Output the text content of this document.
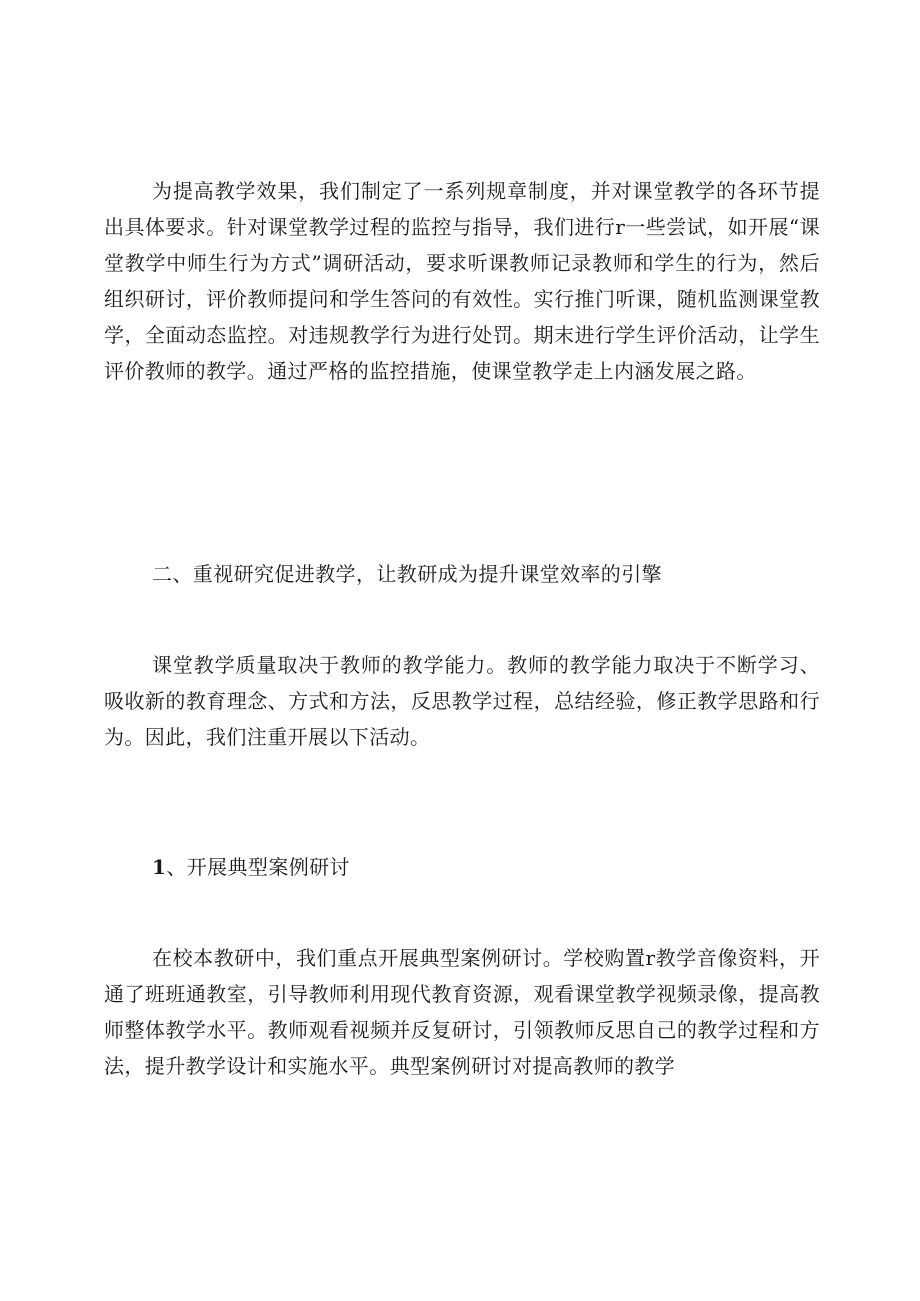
为提高教学效果，我们制定了一系列规章制度，并对课堂教学的各环节提出具体要求。针对课堂教学过程的监控与指导，我们进行r一些尝试，如开展“课堂教学中师生行为方式”调研活动，要求听课教师记录教师和学生的行为，然后组织研讨，评价教师提问和学生答问的有效性。实行推门听课，随机监测课堂教学，全面动态监控。对违规教学行为进行处罚。期末进行学生评价活动，让学生评价教师的教学。通过严格的监控措施，使课堂教学走上内涵发展之路。

二、重视研究促进教学，让教研成为提升课堂效率的引擎

课堂教学质量取决于教师的教学能力。教师的教学能力取决于不断学习、吸收新的教育理念、方式和方法，反思教学过程，总结经验，修正教学思路和行为。因此，我们注重开展以下活动。

1、开展典型案例研讨

在校本教研中，我们重点开展典型案例研讨。学校购置r教学音像资料，开通了班班通教室，引导教师利用现代教育资源，观看课堂教学视频录像，提高教师整体教学水平。教师观看视频并反复研讨，引领教师反思自己的教学过程和方法，提升教学设计和实施水平。典型案例研讨对提高教师的教学
